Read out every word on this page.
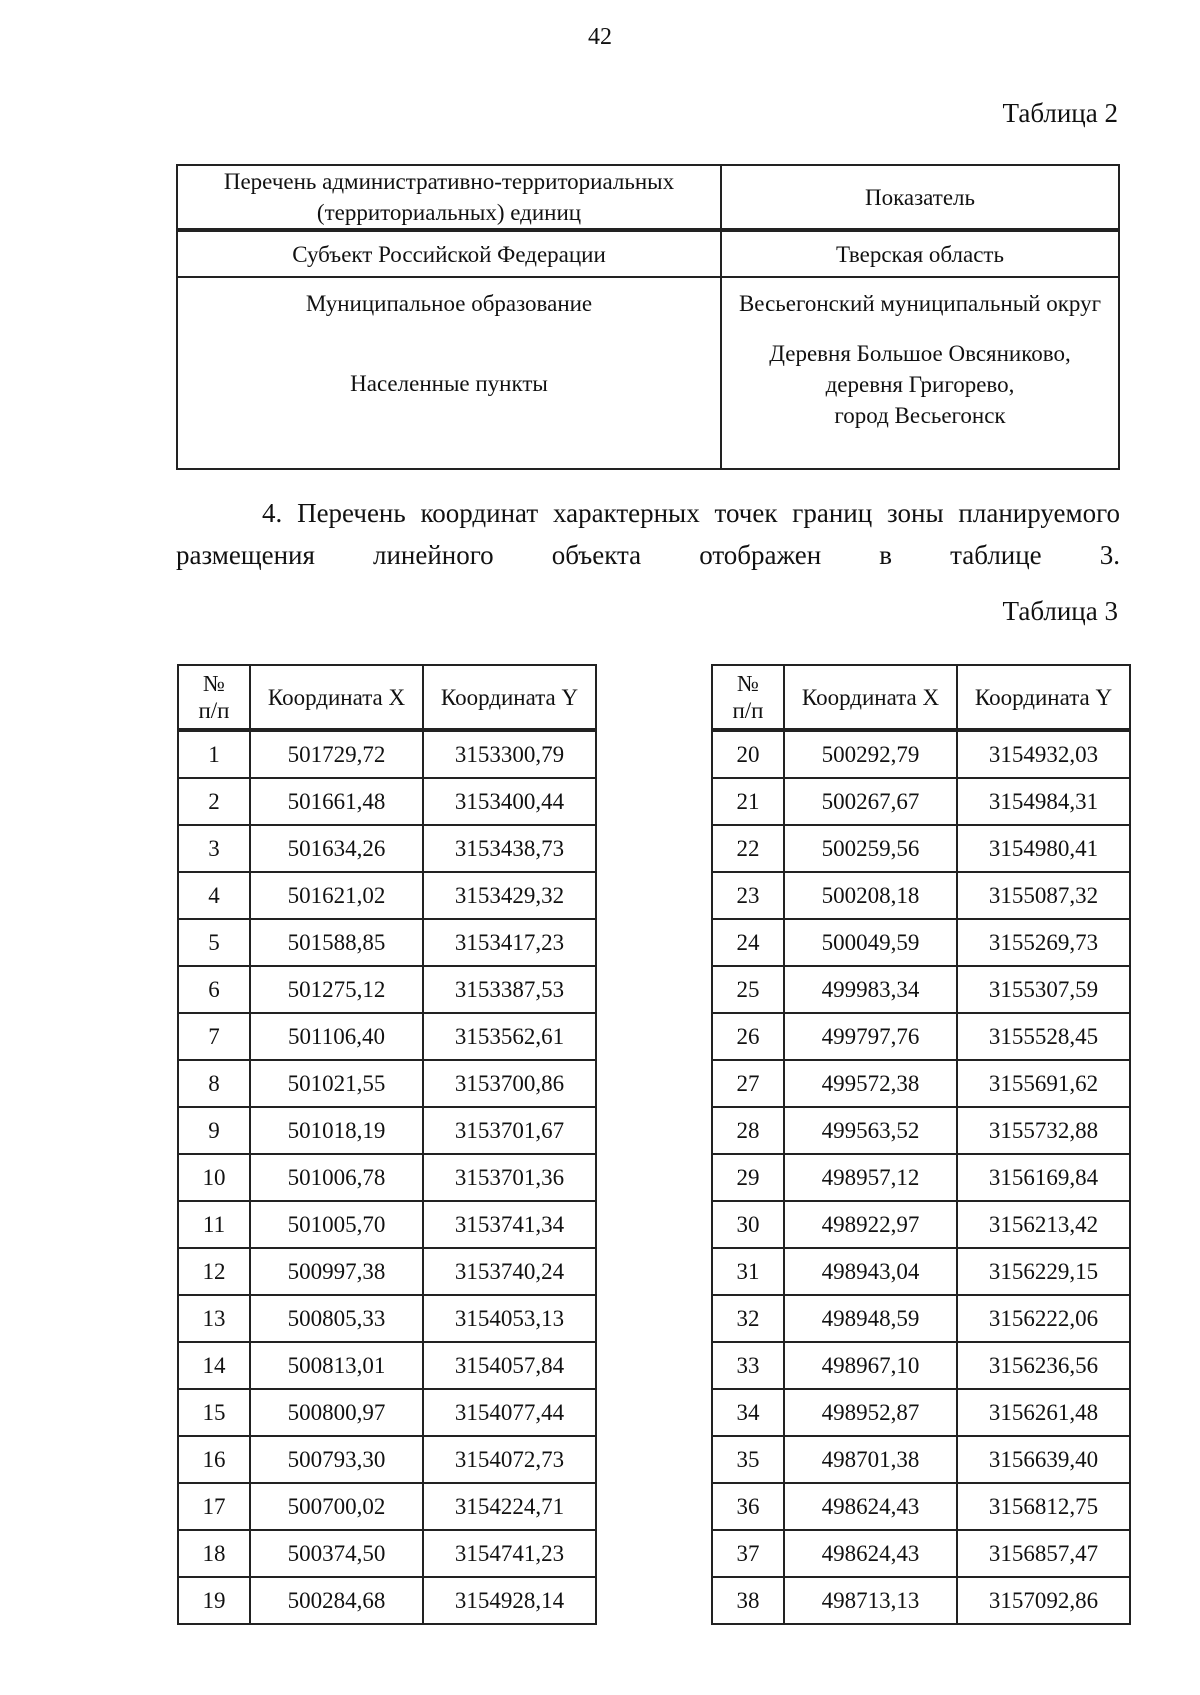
42
Таблица 2
Перечень административно-территориальных (территориальных) единиц	Показатель
Субъект Российской Федерации	Тверская область
Муниципальное образование	Весьегонский муниципальный округ
Населенные пункты	Деревня Большое Овсяниково,
деревня Григорево,
город Весьегонск
4. Перечень координат характерных точек границ зоны планируемого размещения линейного объекта отображен в таблице 3.
Таблица 3
№
п/п	Координата X	Координата Y
1	501729,72	3153300,79
2	501661,48	3153400,44
3	501634,26	3153438,73
4	501621,02	3153429,32
5	501588,85	3153417,23
6	501275,12	3153387,53
7	501106,40	3153562,61
8	501021,55	3153700,86
9	501018,19	3153701,67
10	501006,78	3153701,36
11	501005,70	3153741,34
12	500997,38	3153740,24
13	500805,33	3154053,13
14	500813,01	3154057,84
15	500800,97	3154077,44
16	500793,30	3154072,73
17	500700,02	3154224,71
18	500374,50	3154741,23
19	500284,68	3154928,14
№
п/п	Координата X	Координата Y
20	500292,79	3154932,03
21	500267,67	3154984,31
22	500259,56	3154980,41
23	500208,18	3155087,32
24	500049,59	3155269,73
25	499983,34	3155307,59
26	499797,76	3155528,45
27	499572,38	3155691,62
28	499563,52	3155732,88
29	498957,12	3156169,84
30	498922,97	3156213,42
31	498943,04	3156229,15
32	498948,59	3156222,06
33	498967,10	3156236,56
34	498952,87	3156261,48
35	498701,38	3156639,40
36	498624,43	3156812,75
37	498624,43	3156857,47
38	498713,13	3157092,86
